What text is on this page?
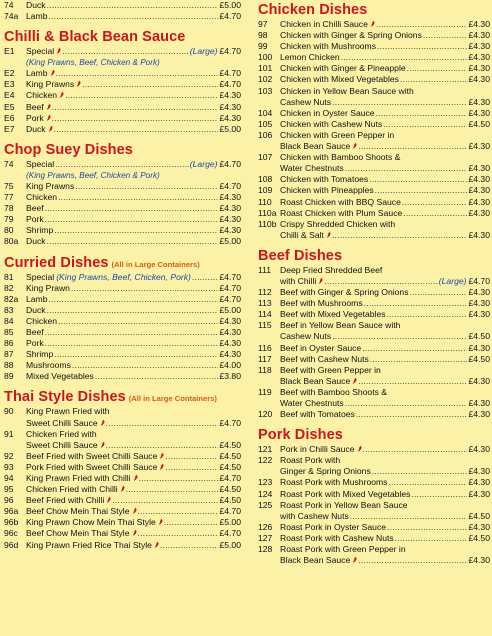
74	Duck .....	£5.00
74a Lamb .....	£4.70
Chilli & Black Bean Sauce
E1	Special .....	(Large) £4.70
(King Prawns, Beef, Chicken & Pork)
E2	Lamb .....	£4.70
E3	King Prawns .....	£4.70
E4	Chicken .....	£4.30
E5	Beef .....	£4.30
E6	Pork .....	£4.30
E7	Duck .....	£5.00
Chop Suey Dishes
74	Special .....	(Large) £4.70
(King Prawns, Beef, Chicken & Pork)
75	King Prawns .....	£4.70
77	Chicken .....	£4.30
78	Beef .....	£4.30
79	Pork .....	£4.30
80	Shrimp .....	£4.30
80a Duck .....	£5.00
Curried Dishes (All in Large Containers)
81	Special (King Prawns, Beef, Chicken, Pork) .....	£4.70
82	King Prawn .....	£4.70
82a Lamb .....	£4.70
83	Duck .....	£5.00
84	Chicken .....	£4.30
85	Beef .....	£4.30
86	Pork .....	£4.30
87	Shrimp .....	£4.30
88	Mushrooms .....	£4.00
89	Mixed Vegetables .....	£3.80
Thai Style Dishes (All in Large Containers)
90	King Prawn Fried with
Sweet Chilli Sauce .....	£4.70
91	Chicken Fried with
Sweet Chilli Sauce .....	£4.50
92	Beef Fried with Sweet Chilli Sauce .....	£4.50
93	Pork Fried with Sweet Chilli Sauce .....	£4.50
94	King Prawn Fried with Chilli .....	£4.70
95	Chicken Fried with Chilli .....	£4.50
96	Beef Fried with Chilli .....	£4.50
96a Beef Chow Mein Thai Style .....	£4.70
96b King Prawn Chow Mein Thai Style .....	£5.00
96c Beef Chow Mein Thai Style .....	£4.70
96d King Prawn Fried Rice Thai Style .....	£5.00
Chicken Dishes
97	Chicken in Chilli Sauce .....	£4.30
98	Chicken with Ginger & Spring Onions .....	£4.30
99	Chicken with Mushrooms .....	£4.30
100 Lemon Chicken .....	£4.30
101 Chicken with Ginger & Pineapple .....	£4.30
102 Chicken with Mixed Vegetables .....	£4.30
103 Chicken in Yellow Bean Sauce with
Cashew Nuts .....	£4.30
104 Chicken in Oyster Sauce .....	£4.30
105 Chicken with Cashew Nuts .....	£4.50
106 Chicken with Green Pepper in
Black Bean Sauce .....	£4.30
107 Chicken with Bamboo Shoots &
Water Chestnuts .....	£4.30
108 Chicken with Tomatoes .....	£4.30
109 Chicken with Pineapples .....	£4.30
110 Roast Chicken with BBQ Sauce .....	£4.30
110a Roast Chicken with Plum Sauce .....	£4.30
110b Crispy Shredded Chicken with
Chilli & Salt .....	£4.30
Beef Dishes
111	Deep Fried Shredded Beef
with Chilli .....	(Large) £4.70
112 Beef with Ginger & Spring Onions .....	£4.30
113 Beef with Mushrooms .....	£4.30
114 Beef with Mixed Vegetables .....	£4.30
115 Beef in Yellow Bean Sauce with
Cashew Nuts .....	£4.50
116 Beef in Oyster Sauce .....	£4.30
117 Beef with Cashew Nuts .....	£4.50
118 Beef with Green Pepper in
Black Bean Sauce .....	£4.30
119 Beef with Bamboo Shoots &
Water Chestnuts .....	£4.30
120 Beef with Tomatoes .....	£4.30
Pork Dishes
121 Pork in Chilli Sauce .....	£4.30
122 Roast Pork with
Ginger & Spring Onions .....	£4.30
123 Roast Pork with Mushrooms .....	£4.30
124 Roast Pork with Mixed Vegetables .....	£4.30
125 Roast Pork in Yellow Bean Sauce
with Cashew Nuts .....	£4.50
126 Roast Pork in Oyster Sauce .....	£4.30
127 Roast Pork with Cashew Nuts .....	£4.50
128 Roast Pork with Green Pepper in
Black Bean Sauce .....	£4.30
